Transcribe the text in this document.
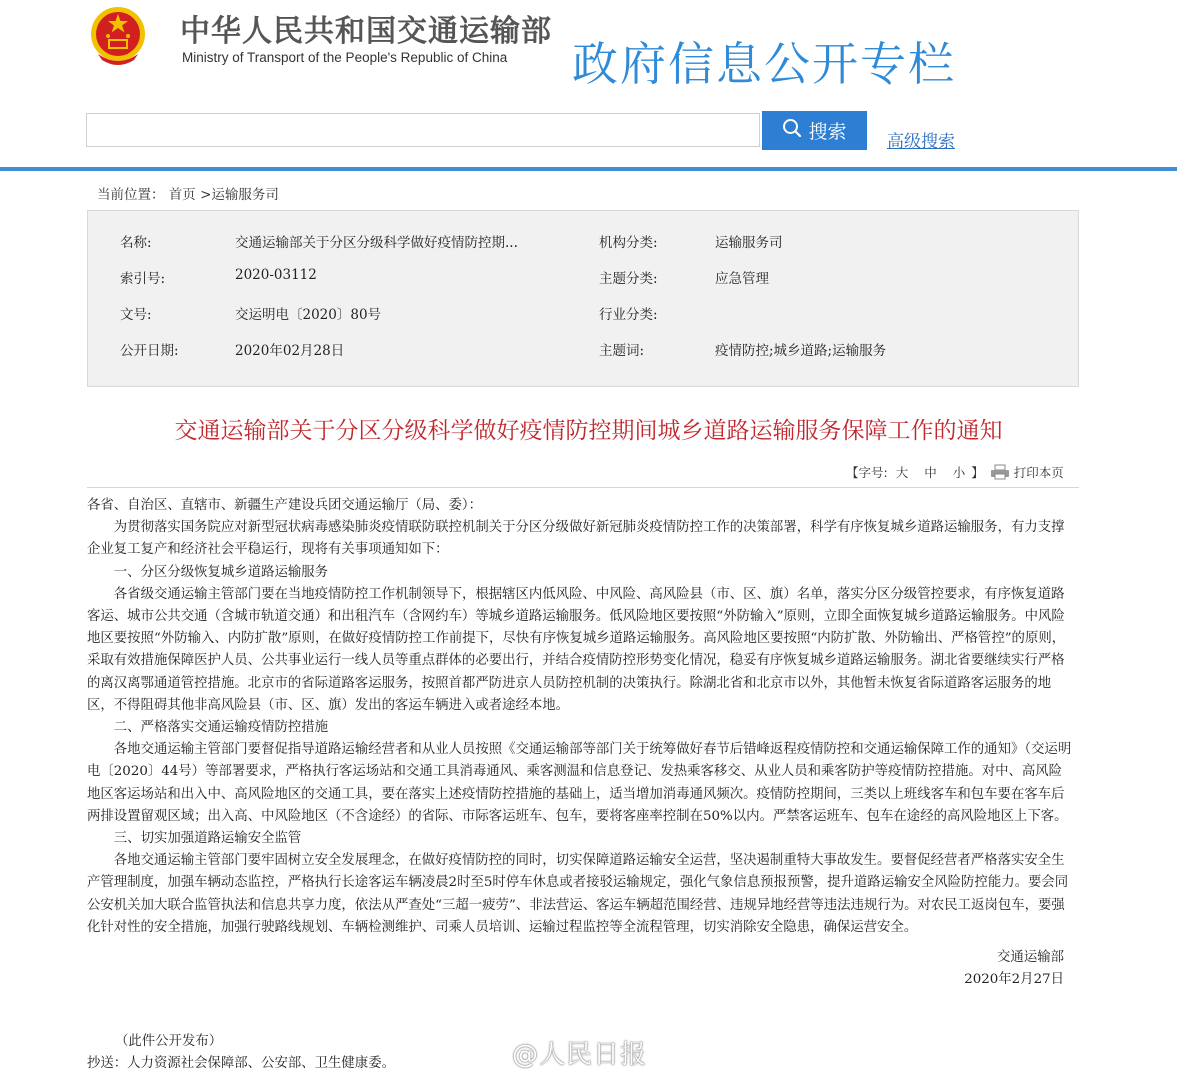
中华人民共和国交通运输部
Ministry of Transport of the People's Republic of China 政府信息公开专栏
搜索 高级搜索
当前位置： 首页 >运输服务司
名称:	交通运输部关于分区分级科学做好疫情防控期...	机构分类:	运输服务司
索引号:	2020-03112	主题分类:	应急管理
文号:	交运明电〔2020〕80号	行业分类:
公开日期:	2020年02月28日	主题词:	疫情防控;城乡道路;运输服务
交通运输部关于分区分级科学做好疫情防控期间城乡道路运输服务保障工作的通知
【字号: 大 中 小 】 打印本页

各省、自治区、直辖市、新疆生产建设兵团交通运输厅（局、委）：

为贯彻落实国务院应对新型冠状病毒感染肺炎疫情联防联控机制关于分区分级做好新冠肺炎疫情防控工作的决策部署，科学有序恢复城乡道路运输服务，有力支撑企业复工复产和经济社会平稳运行，现将有关事项通知如下：

一、分区分级恢复城乡道路运输服务

各省级交通运输主管部门要在当地疫情防控工作机制领导下，根据辖区内低风险、中风险、高风险县（市、区、旗）名单，落实分区分级管控要求，有序恢复道路客运、城市公共交通（含城市轨道交通）和出租汽车（含网约车）等城乡道路运输服务。低风险地区要按照“外防输入”原则，立即全面恢复城乡道路运输服务。中风险地区要按照“外防输入、内防扩散”原则，在做好疫情防控工作前提下，尽快有序恢复城乡道路运输服务。高风险地区要按照“内防扩散、外防输出、严格管控”的原则，采取有效措施保障医护人员、公共事业运行一线人员等重点群体的必要出行，并结合疫情防控形势变化情况，稳妥有序恢复城乡道路运输服务。湖北省要继续实行严格的离汉离鄂通道管控措施。北京市的省际道路客运服务，按照首都严防进京人员防控机制的决策执行。除湖北省和北京市以外，其他暂未恢复省际道路客运服务的地区，不得阻碍其他非高风险县（市、区、旗）发出的客运车辆进入或者途经本地。

二、严格落实交通运输疫情防控措施

各地交通运输主管部门要督促指导道路运输经营者和从业人员按照《交通运输部等部门关于统筹做好春节后错峰返程疫情防控和交通运输保障工作的通知》（交运明电〔2020〕44号）等部署要求，严格执行客运场站和交通工具消毒通风、乘客测温和信息登记、发热乘客移交、从业人员和乘客防护等疫情防控措施。对中、高风险地区客运场站和出入中、高风险地区的交通工具，要在落实上述疫情防控措施的基础上，适当增加消毒通风频次。疫情防控期间，三类以上班线客车和包车要在客车后两排设置留观区域；出入高、中风险地区（不含途经）的省际、市际客运班车、包车，要将客座率控制在50%以内。严禁客运班车、包车在途经的高风险地区上下客。

三、切实加强道路运输安全监管

各地交通运输主管部门要牢固树立安全发展理念，在做好疫情防控的同时，切实保障道路运输安全运营，坚决遏制重特大事故发生。要督促经营者严格落实安全生产管理制度，加强车辆动态监控，严格执行长途客运车辆凌晨2时至5时停车休息或者接驳运输规定，强化气象信息预报预警，提升道路运输安全风险防控能力。要会同公安机关加大联合监管执法和信息共享力度，依法从严查处“三超一疲劳”、非法营运、客运车辆超范围经营、违规异地经营等违法违规行为。对农民工返岗包车，要强化针对性的安全措施，加强行驶路线规划、车辆检测维护、司乘人员培训、运输过程监控等全流程管理，切实消除安全隐患，确保运营安全。

交通运输部

2020年2月27日

（此件公开发布）
抄送：人力资源社会保障部、公安部、卫生健康委。	@人民日报
